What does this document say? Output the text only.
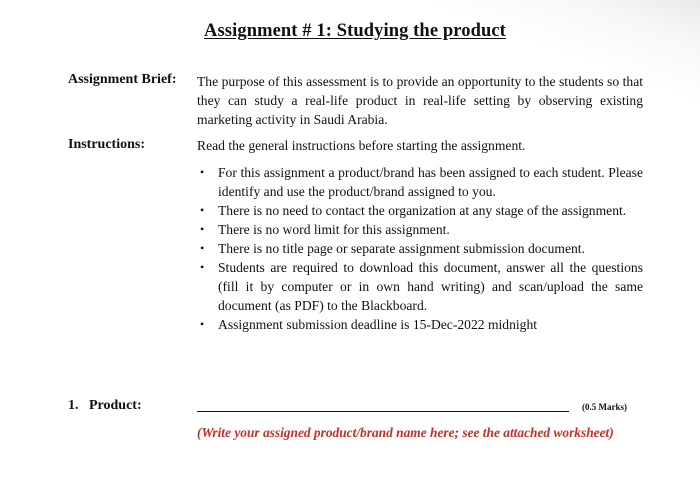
Assignment # 1: Studying the product
Assignment Brief: The purpose of this assessment is to provide an opportunity to the students so that they can study a real-life product in real-life setting by observing existing marketing activity in Saudi Arabia.
Instructions:	Read the general instructions before starting the assignment.
• For this assignment a product/brand has been assigned to each student. Please identify and use the product/brand assigned to you.
• There is no need to contact the organization at any stage of the assignment.
• There is no word limit for this assignment.
• There is no title page or separate assignment submission document.
• Students are required to download this document, answer all the questions (fill it by computer or in own hand writing) and scan/upload the same document (as PDF) to the Blackboard.
• Assignment submission deadline is 15-Dec-2022 midnight
1.   Product:	(0.5 Marks)
(Write your assigned product/brand name here; see the attached worksheet)
